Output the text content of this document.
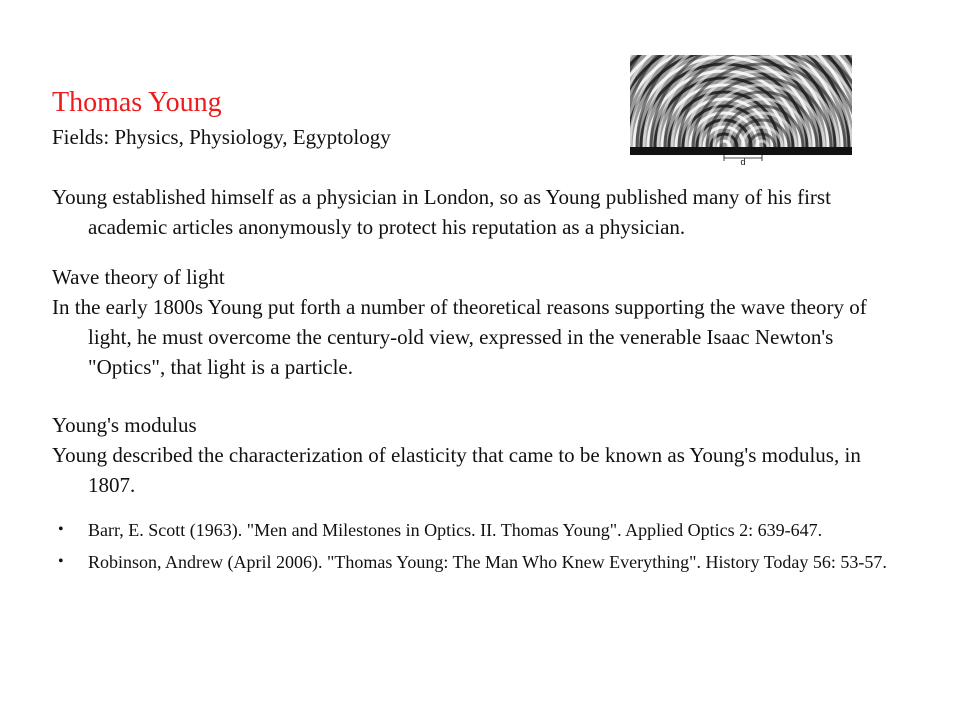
d
Thomas Young

Fields: Physics, Physiology, Egyptology

Young established himself as a physician in London, so as Young published many of his first academic articles anonymously to protect his reputation as a physician.

Wave theory of light

In the early 1800s Young put forth a number of theoretical reasons supporting the wave theory of light, he must overcome the century-old view, expressed in the venerable Isaac Newton's "Optics", that light is a particle.

Young's modulus

Young described the characterization of elasticity that came to be known as Young's modulus, in 1807.

• Barr, E. Scott (1963). "Men and Milestones in Optics. II. Thomas Young". Applied Optics 2: 639-647.
• Robinson, Andrew (April 2006). "Thomas Young: The Man Who Knew Everything". History Today 56: 53-57.
